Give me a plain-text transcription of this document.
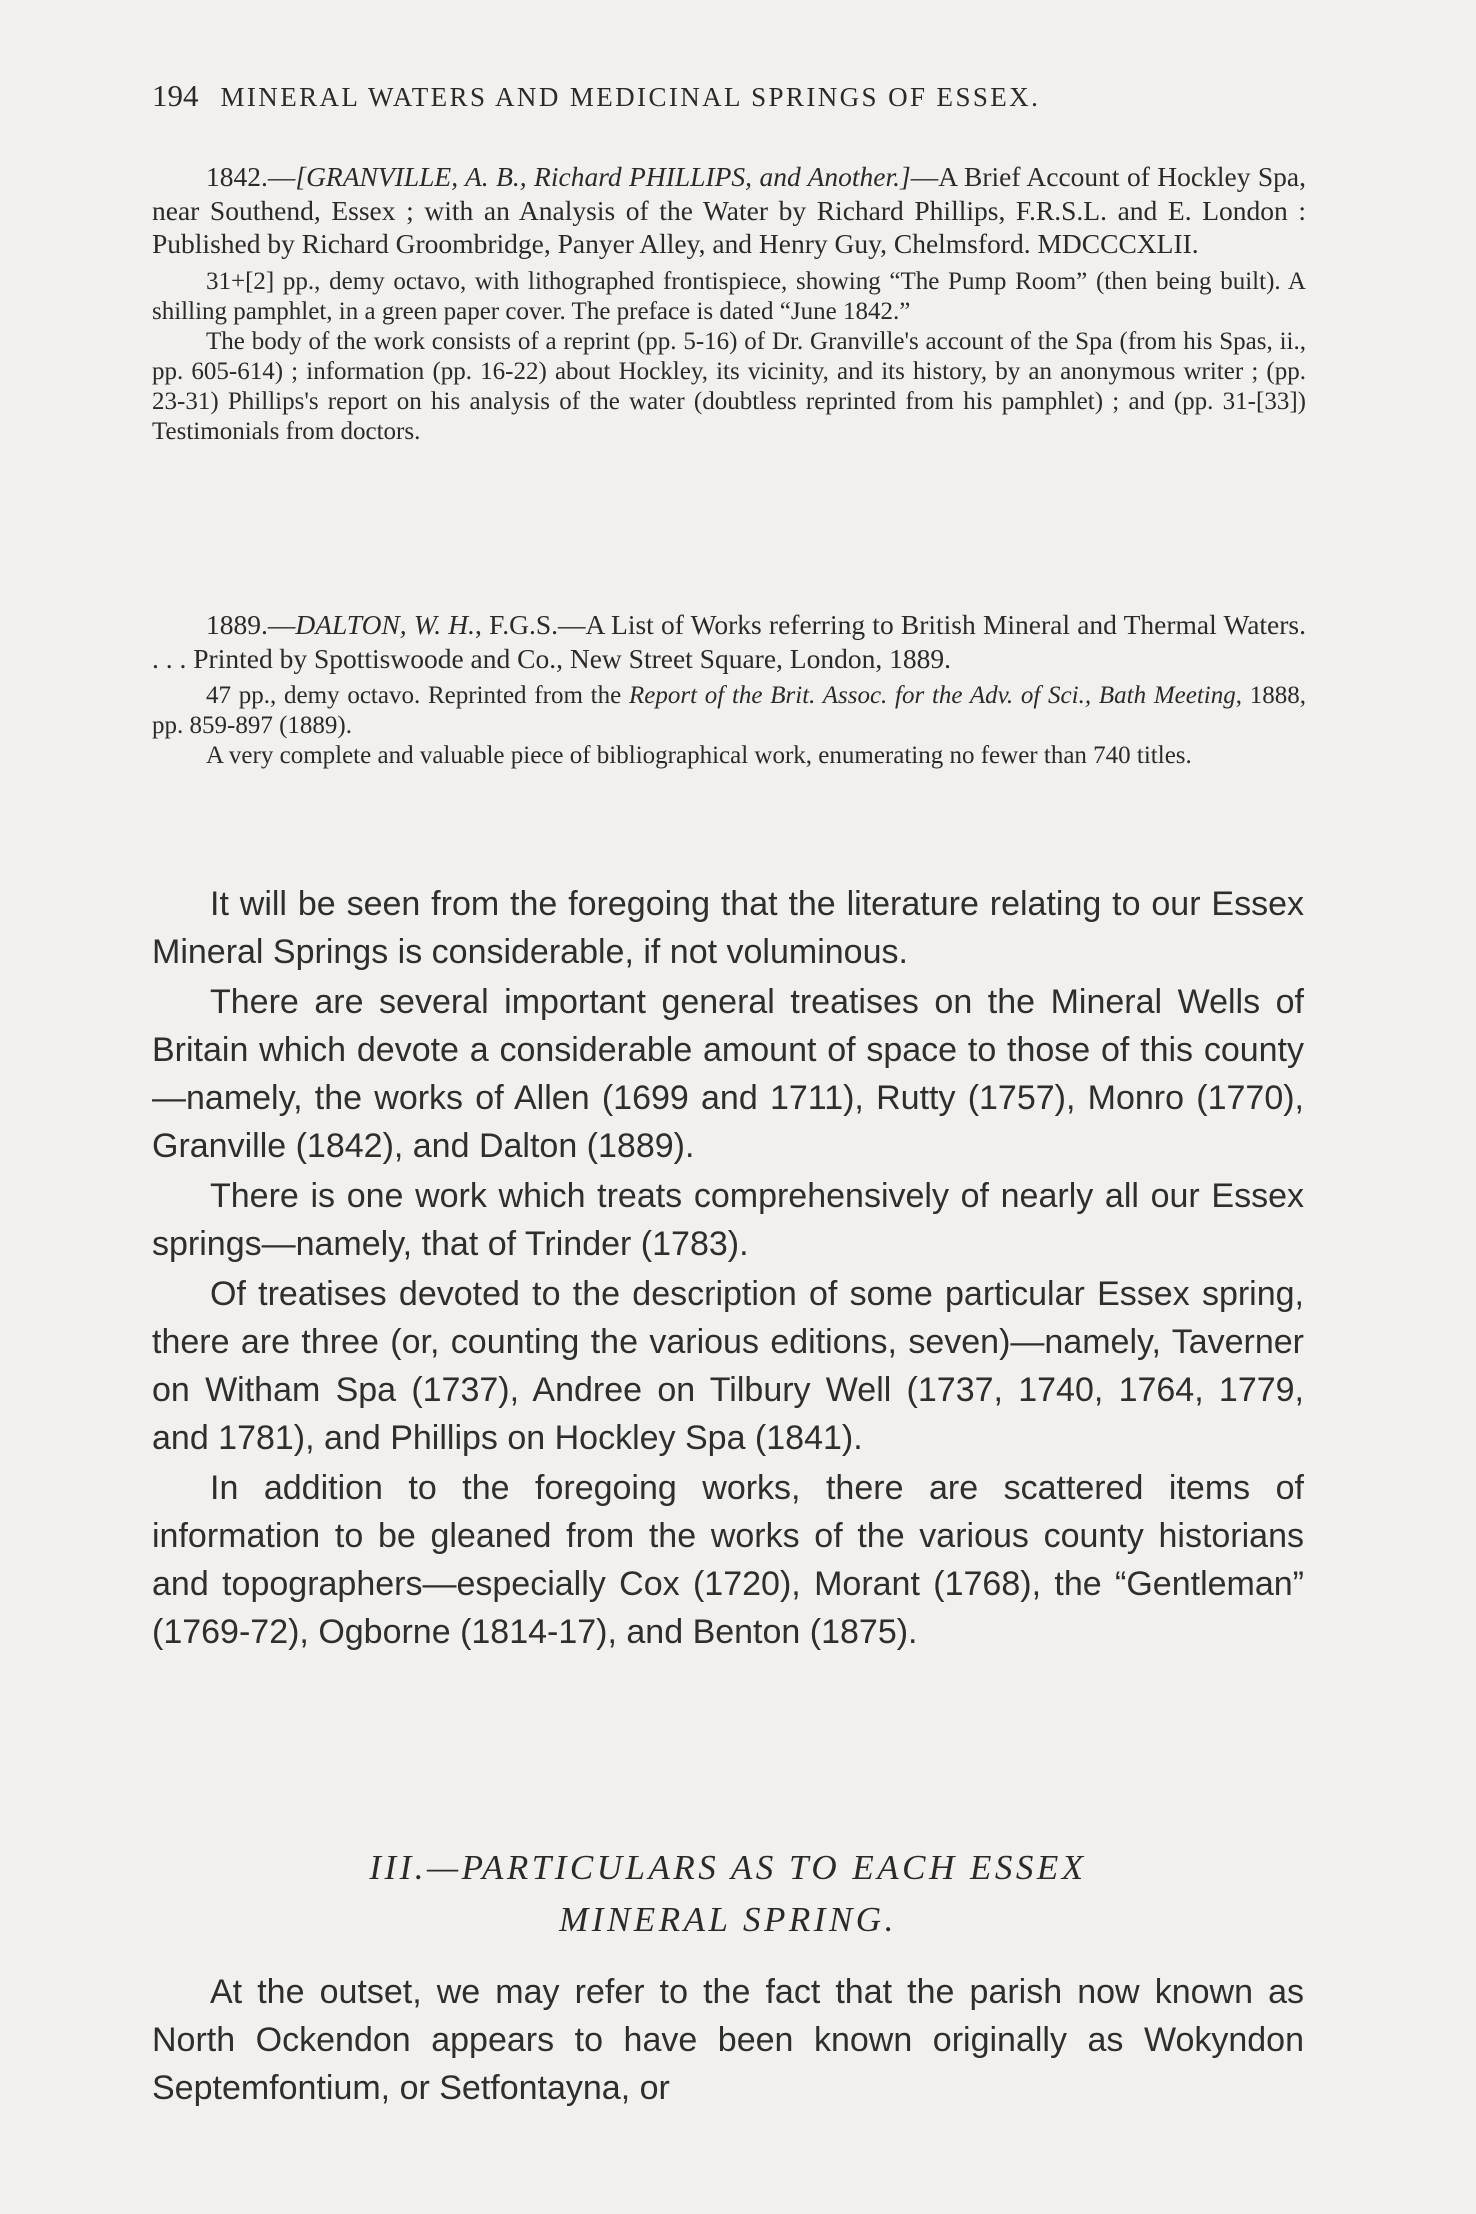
194 MINERAL WATERS AND MEDICINAL SPRINGS OF ESSEX.

1842.—[GRANVILLE, A. B., Richard PHILLIPS, and Another.]—A Brief Account of Hockley Spa, near Southend, Essex ; with an Analysis of the Water by Richard Phillips, F.R.S.L. and E. London : Published by Richard Groombridge, Panyer Alley, and Henry Guy, Chelmsford. MDCCCXLII.

31+[2] pp., demy octavo, with lithographed frontispiece, showing “The Pump Room” (then being built). A shilling pamphlet, in a green paper cover. The preface is dated “June 1842.”

The body of the work consists of a reprint (pp. 5-16) of Dr. Granville's account of the Spa (from his Spas, ii., pp. 605-614) ; information (pp. 16-22) about Hockley, its vicinity, and its history, by an anonymous writer ; (pp. 23-31) Phillips's report on his analysis of the water (doubtless reprinted from his pamphlet) ; and (pp. 31-[33]) Testimonials from doctors.

1889.—DALTON, W. H., F.G.S.—A List of Works referring to British Mineral and Thermal Waters. . . . Printed by Spottiswoode and Co., New Street Square, London, 1889.

47 pp., demy octavo. Reprinted from the Report of the Brit. Assoc. for the Adv. of Sci., Bath Meeting, 1888, pp. 859-897 (1889).

A very complete and valuable piece of bibliographical work, enumerating no fewer than 740 titles.

It will be seen from the foregoing that the literature relating to our Essex Mineral Springs is considerable, if not voluminous.

There are several important general treatises on the Mineral Wells of Britain which devote a considerable amount of space to those of this county—namely, the works of Allen (1699 and 1711), Rutty (1757), Monro (1770), Granville (1842), and Dalton (1889).

There is one work which treats comprehensively of nearly all our Essex springs—namely, that of Trinder (1783).

Of treatises devoted to the description of some particular Essex spring, there are three (or, counting the various editions, seven)—namely, Taverner on Witham Spa (1737), Andree on Tilbury Well (1737, 1740, 1764, 1779, and 1781), and Phillips on Hockley Spa (1841).

In addition to the foregoing works, there are scattered items of information to be gleaned from the works of the various county historians and topographers—especially Cox (1720), Morant (1768), the “Gentleman” (1769-72), Ogborne (1814-17), and Benton (1875).

III.—PARTICULARS AS TO EACH ESSEX
MINERAL SPRING.

At the outset, we may refer to the fact that the parish now known as North Ockendon appears to have been known originally as Wokyndon Septemfontium, or Setfontayna, or
